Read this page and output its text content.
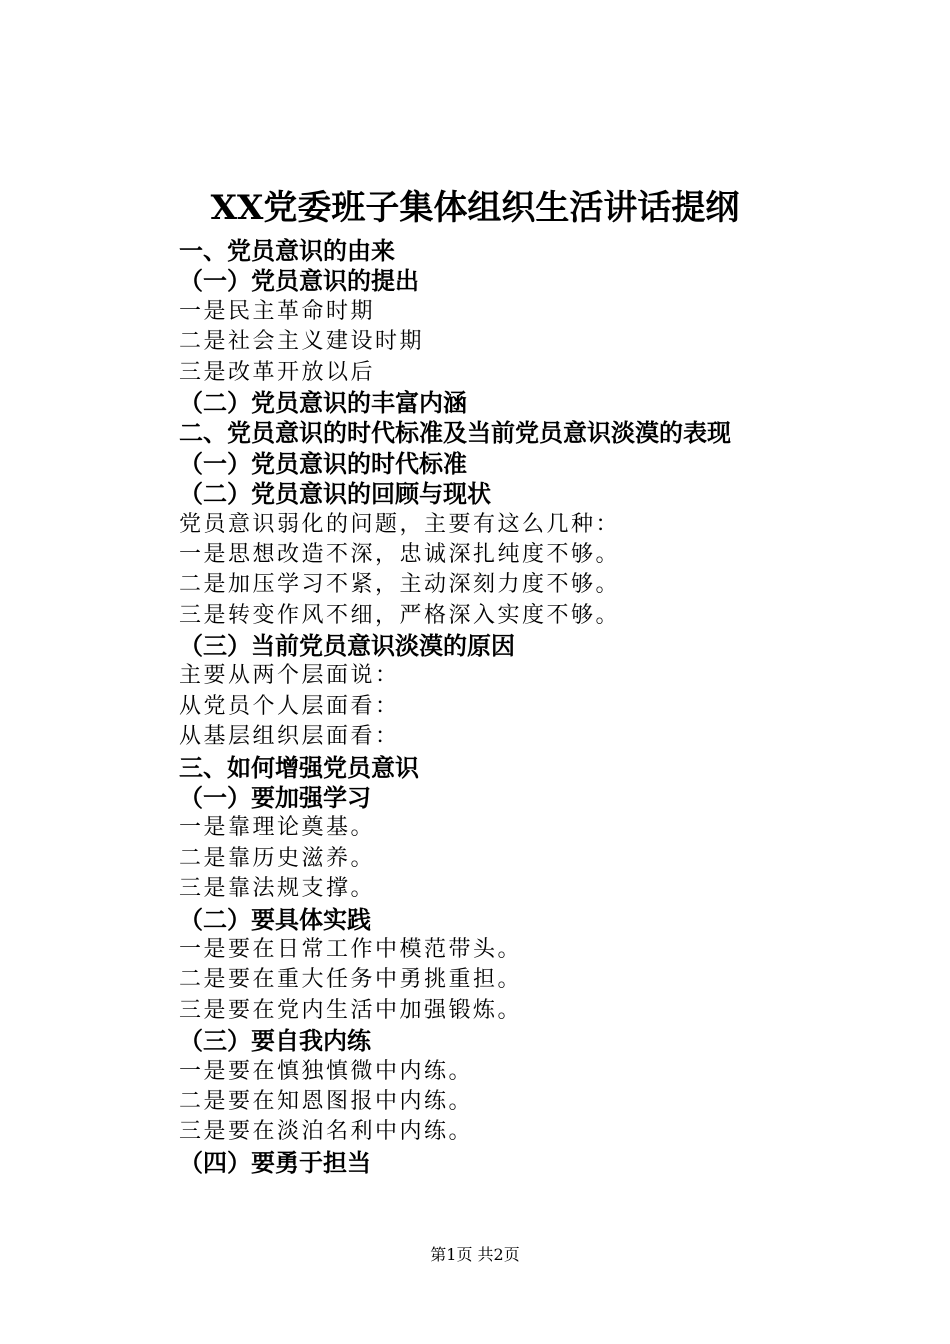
XX党委班子集体组织生活讲话提纲
一、党员意识的由来
（一）党员意识的提出
一是民主革命时期
二是社会主义建设时期
三是改革开放以后
（二）党员意识的丰富内涵
二、党员意识的时代标准及当前党员意识淡漠的表现
（一）党员意识的时代标准
（二）党员意识的回顾与现状
党员意识弱化的问题，主要有这么几种：
一是思想改造不深，忠诚深扎纯度不够。
二是加压学习不紧，主动深刻力度不够。
三是转变作风不细，严格深入实度不够。
（三）当前党员意识淡漠的原因
主要从两个层面说：
从党员个人层面看：
从基层组织层面看：
三、如何增强党员意识
（一）要加强学习
一是靠理论奠基。
二是靠历史滋养。
三是靠法规支撑。
（二）要具体实践
一是要在日常工作中模范带头。
二是要在重大任务中勇挑重担。
三是要在党内生活中加强锻炼。
（三）要自我内练
一是要在慎独慎微中内练。
二是要在知恩图报中内练。
三是要在淡泊名利中内练。
（四）要勇于担当
第1页 共2页
